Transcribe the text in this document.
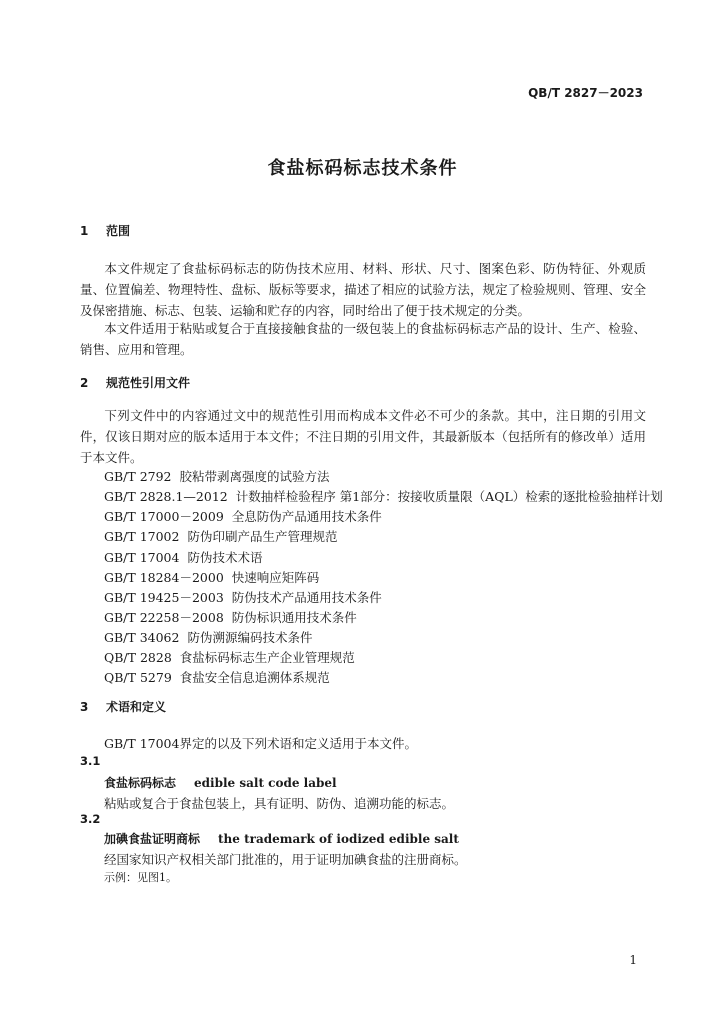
QB/T 2827－2023
食盐标码标志技术条件
1 范围
本文件规定了食盐标码标志的防伪技术应用、材料、形状、尺寸、图案色彩、防伪特征、外观质量、位置偏差、物理特性、盘标、版标等要求，描述了相应的试验方法，规定了检验规则、管理、安全及保密措施、标志、包装、运输和贮存的内容，同时给出了便于技术规定的分类。
本文件适用于粘贴或复合于直接接触食盐的一级包装上的食盐标码标志产品的设计、生产、检验、销售、应用和管理。
2 规范性引用文件
下列文件中的内容通过文中的规范性引用而构成本文件必不可少的条款。其中，注日期的引用文件，仅该日期对应的版本适用于本文件；不注日期的引用文件，其最新版本（包括所有的修改单）适用于本文件。
GB/T 2792 胶粘带剥离强度的试验方法
GB/T 2828.1—2012 计数抽样检验程序 第1部分：按接收质量限（AQL）检索的逐批检验抽样计划
GB/T 17000－2009 全息防伪产品通用技术条件
GB/T 17002 防伪印刷产品生产管理规范
GB/T 17004 防伪技术术语
GB/T 18284－2000 快速响应矩阵码
GB/T 19425－2003 防伪技术产品通用技术条件
GB/T 22258－2008 防伪标识通用技术条件
GB/T 34062 防伪溯源编码技术条件
QB/T 2828 食盐标码标志生产企业管理规范
QB/T 5279 食盐安全信息追溯体系规范
3 术语和定义
GB/T 17004界定的以及下列术语和定义适用于本文件。
3.1
食盐标码标志 edible salt code label
粘贴或复合于食盐包装上，具有证明、防伪、追溯功能的标志。
3.2
加碘食盐证明商标 the trademark of iodized edible salt
经国家知识产权相关部门批准的，用于证明加碘食盐的注册商标。
示例：见图1。
1
